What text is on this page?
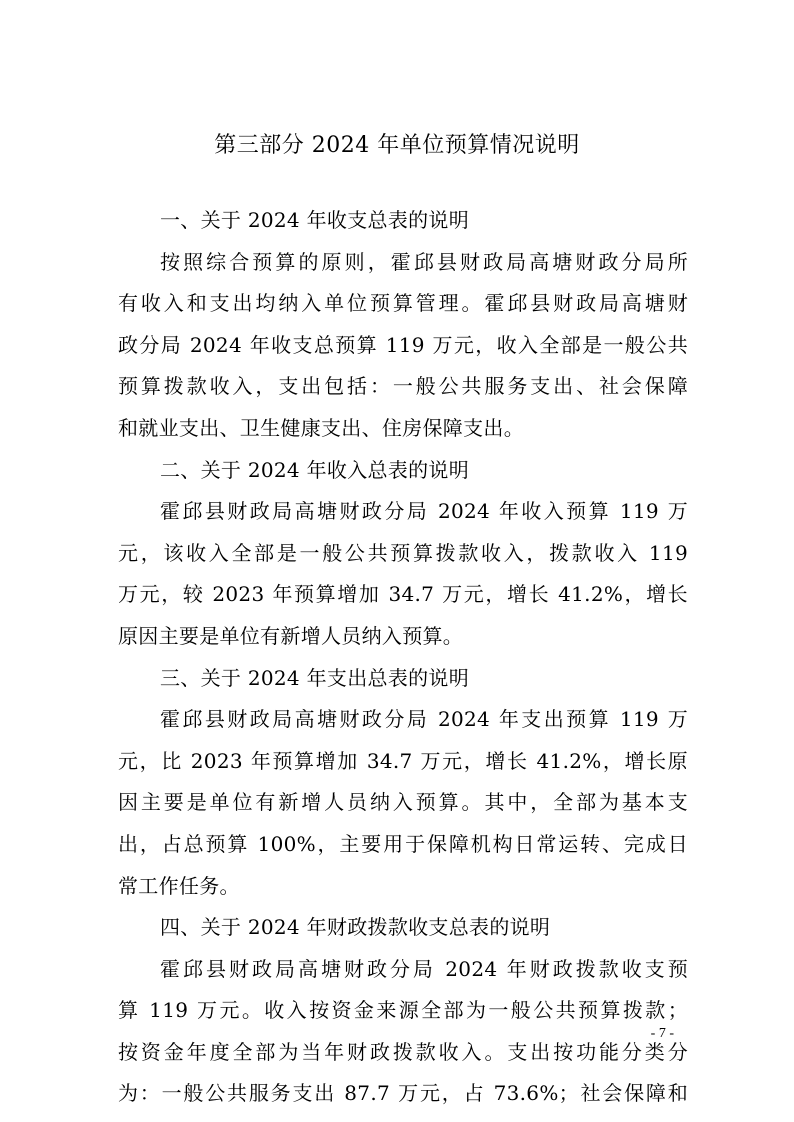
第三部分 2024 年单位预算情况说明
一、关于 2024 年收支总表的说明
按照综合预算的原则，霍邱县财政局高塘财政分局所
有收入和支出均纳入单位预算管理。霍邱县财政局高塘财
政分局 2024 年收支总预算 119 万元，收入全部是一般公共
预算拨款收入，支出包括：一般公共服务支出、社会保障
和就业支出、卫生健康支出、住房保障支出。
二、关于 2024 年收入总表的说明
霍邱县财政局高塘财政分局 2024 年收入预算 119 万
元，该收入全部是一般公共预算拨款收入，拨款收入 119
万元，较 2023 年预算增加 34.7 万元，增长 41.2%，增长
原因主要是单位有新增人员纳入预算。
三、关于 2024 年支出总表的说明
霍邱县财政局高塘财政分局 2024 年支出预算 119 万
元，比 2023 年预算增加 34.7 万元，增长 41.2%，增长原
因主要是单位有新增人员纳入预算。其中，全部为基本支
出，占总预算 100%，主要用于保障机构日常运转、完成日
常工作任务。
四、关于 2024 年财政拨款收支总表的说明
霍邱县财政局高塘财政分局 2024 年财政拨款收支预
算 119 万元。收入按资金来源全部为一般公共预算拨款；
按资金年度全部为当年财政拨款收入。支出按功能分类分
为：一般公共服务支出 87.7 万元，占 73.6%；社会保障和
- 7 -
